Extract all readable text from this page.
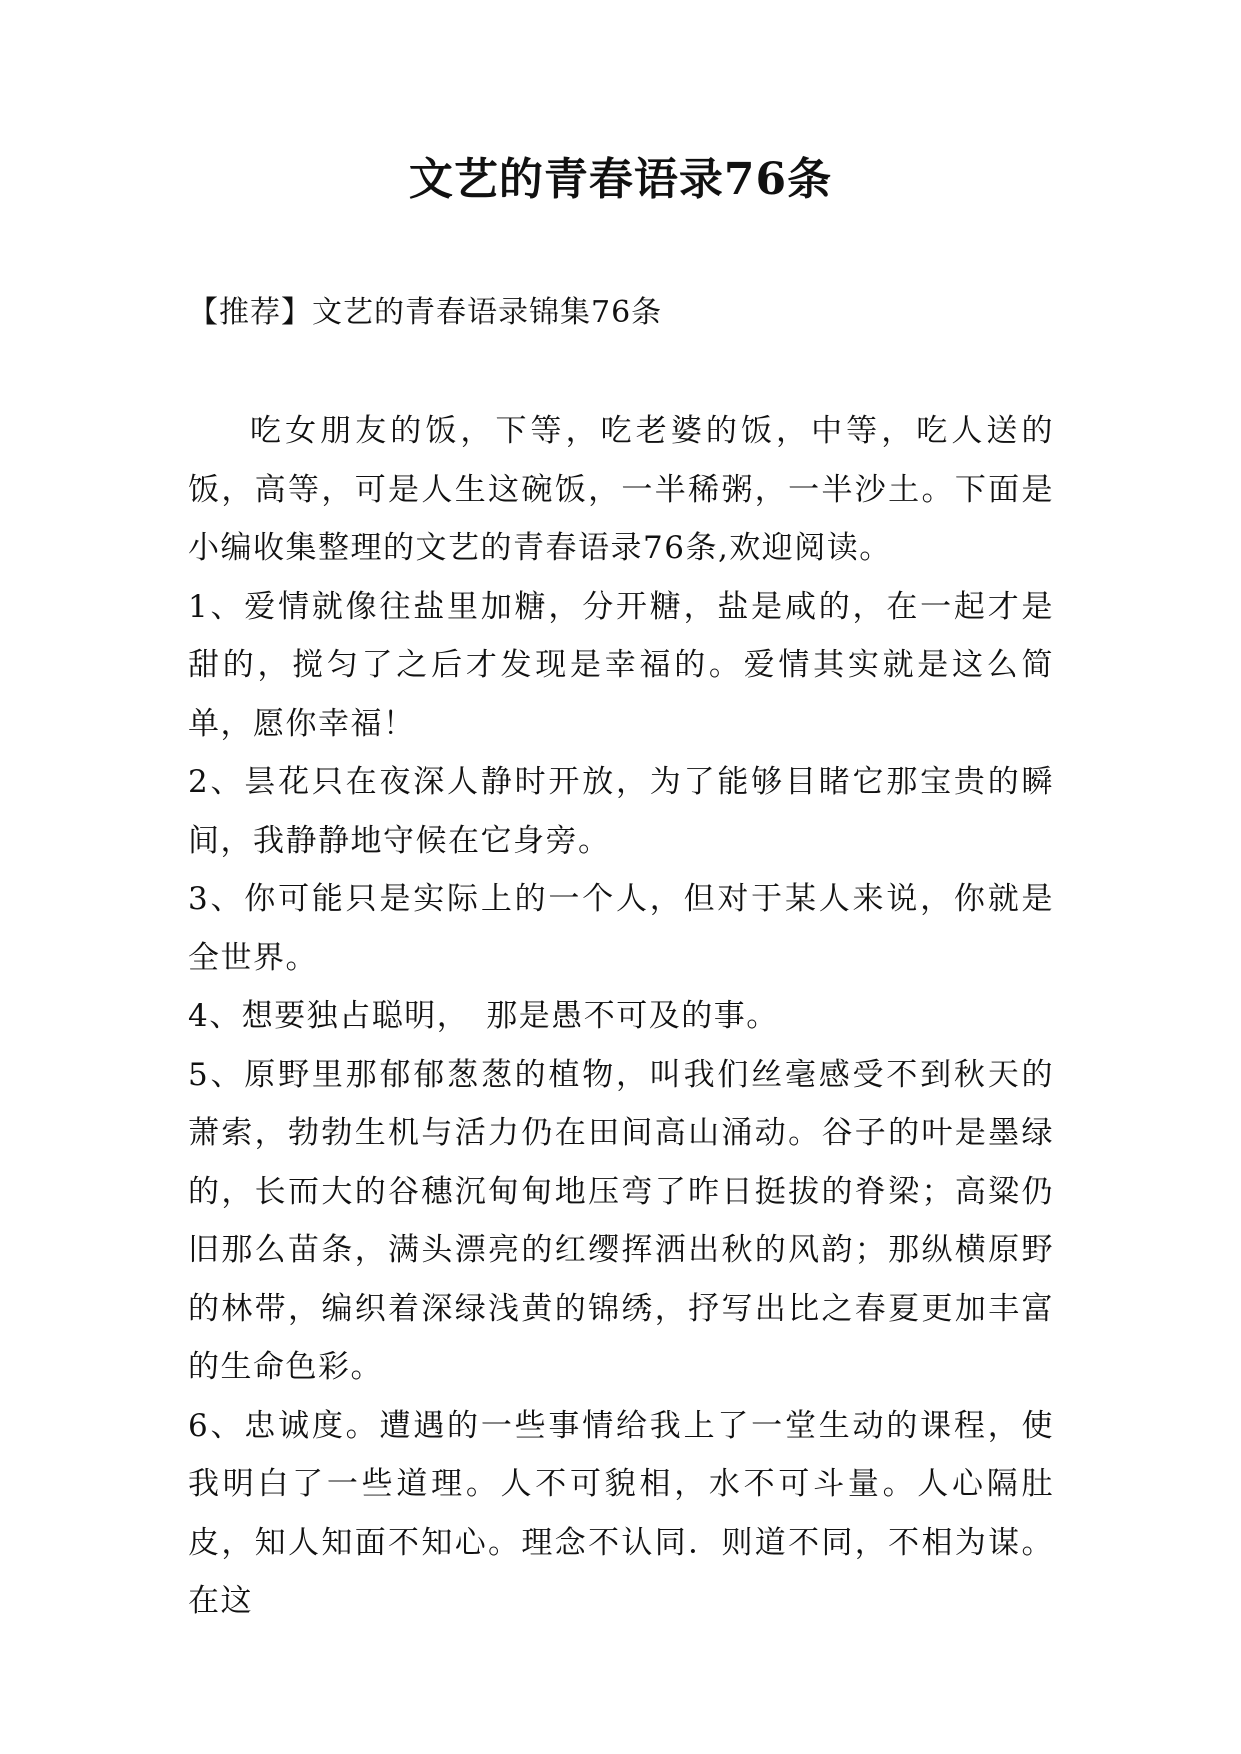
文艺的青春语录76条
【推荐】文艺的青春语录锦集76条

吃女朋友的饭，下等，吃老婆的饭，中等，吃人送的饭，高等，可是人生这碗饭，一半稀粥，一半沙土。下面是小编收集整理的文艺的青春语录76条,欢迎阅读。

1、爱情就像往盐里加糖，分开糖，盐是咸的，在一起才是甜的，搅匀了之后才发现是幸福的。爱情其实就是这么简单，愿你幸福！

2、昙花只在夜深人静时开放，为了能够目睹它那宝贵的瞬间，我静静地守候在它身旁。

3、你可能只是实际上的一个人，但对于某人来说，你就是全世界。

4、想要独占聪明，　那是愚不可及的事。

5、原野里那郁郁葱葱的植物，叫我们丝毫感受不到秋天的萧索，勃勃生机与活力仍在田间高山涌动。谷子的叶是墨绿的，长而大的谷穗沉甸甸地压弯了昨日挺拔的脊梁；高粱仍旧那么苗条，满头漂亮的红缨挥洒出秋的风韵；那纵横原野的林带，编织着深绿浅黄的锦绣，抒写出比之春夏更加丰富的生命色彩。

6、忠诚度。遭遇的一些事情给我上了一堂生动的课程，使我明白了一些道理。人不可貌相，水不可斗量。人心隔肚皮，知人知面不知心。理念不认同．则道不同，不相为谋。在这
